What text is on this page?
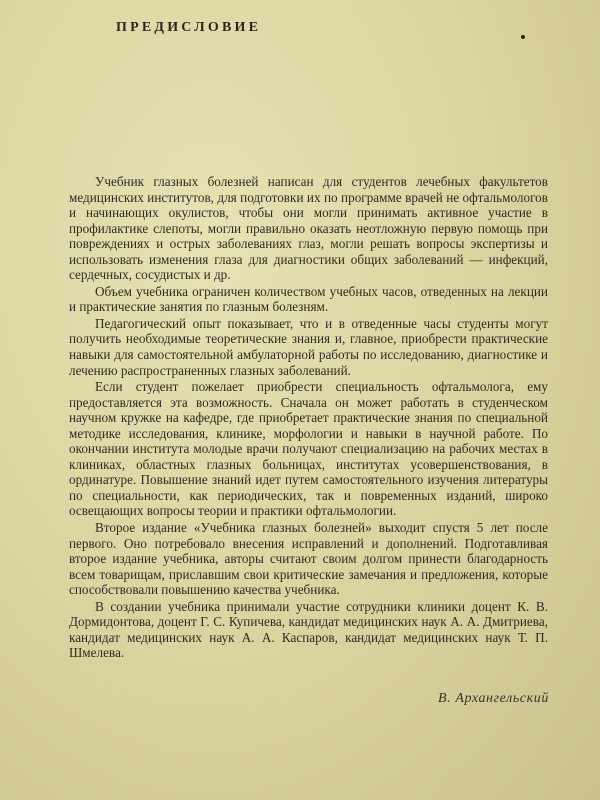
ПРЕДИСЛОВИЕ

Учебник глазных болезней написан для студентов лечебных факультетов медицинских институтов, для подготовки их по программе врачей не офтальмологов и начинающих окулистов, чтобы они могли принимать активное участие в профилактике слепоты, могли правильно оказать неотложную первую помощь при повреждениях и острых заболеваниях глаз, могли решать вопросы экспертизы и использовать изменения глаза для диагностики общих заболеваний — инфекций, сердечных, сосудистых и др.

Объем учебника ограничен количеством учебных часов, отведенных на лекции и практические занятия по глазным болезням.

Педагогический опыт показывает, что и в отведенные часы студенты могут получить необходимые теоретические знания и, главное, приобрести практические навыки для самостоятельной амбулаторной работы по исследованию, диагностике и лечению распространенных глазных заболеваний.

Если студент пожелает приобрести специальность офтальмолога, ему предоставляется эта возможность. Сначала он может работать в студенческом научном кружке на кафедре, где приобретает практические знания по специальной методике исследования, клинике, морфологии и навыки в научной работе. По окончании института молодые врачи получают специализацию на рабочих местах в клиниках, областных глазных больницах, институтах усовершенствования, в ординатуре. Повышение знаний идет путем самостоятельного изучения литературы по специальности, как периодических, так и повременных изданий, широко освещающих вопросы теории и практики офтальмологии.

Второе издание «Учебника глазных болезней» выходит спустя 5 лет после первого. Оно потребовало внесения исправлений и дополнений. Подготавливая второе издание учебника, авторы считают своим долгом принести благодарность всем товарищам, приславшим свои критические замечания и предложения, которые способствовали повышению качества учебника.

В создании учебника принимали участие сотрудники клиники доцент К. В. Дормидонтова, доцент Г. С. Купичева, кандидат медицинских наук А. А. Дмитриева, кандидат медицинских наук А. А. Каспаров, кандидат медицинских наук Т. П. Шмелева.

В. Архангельский
